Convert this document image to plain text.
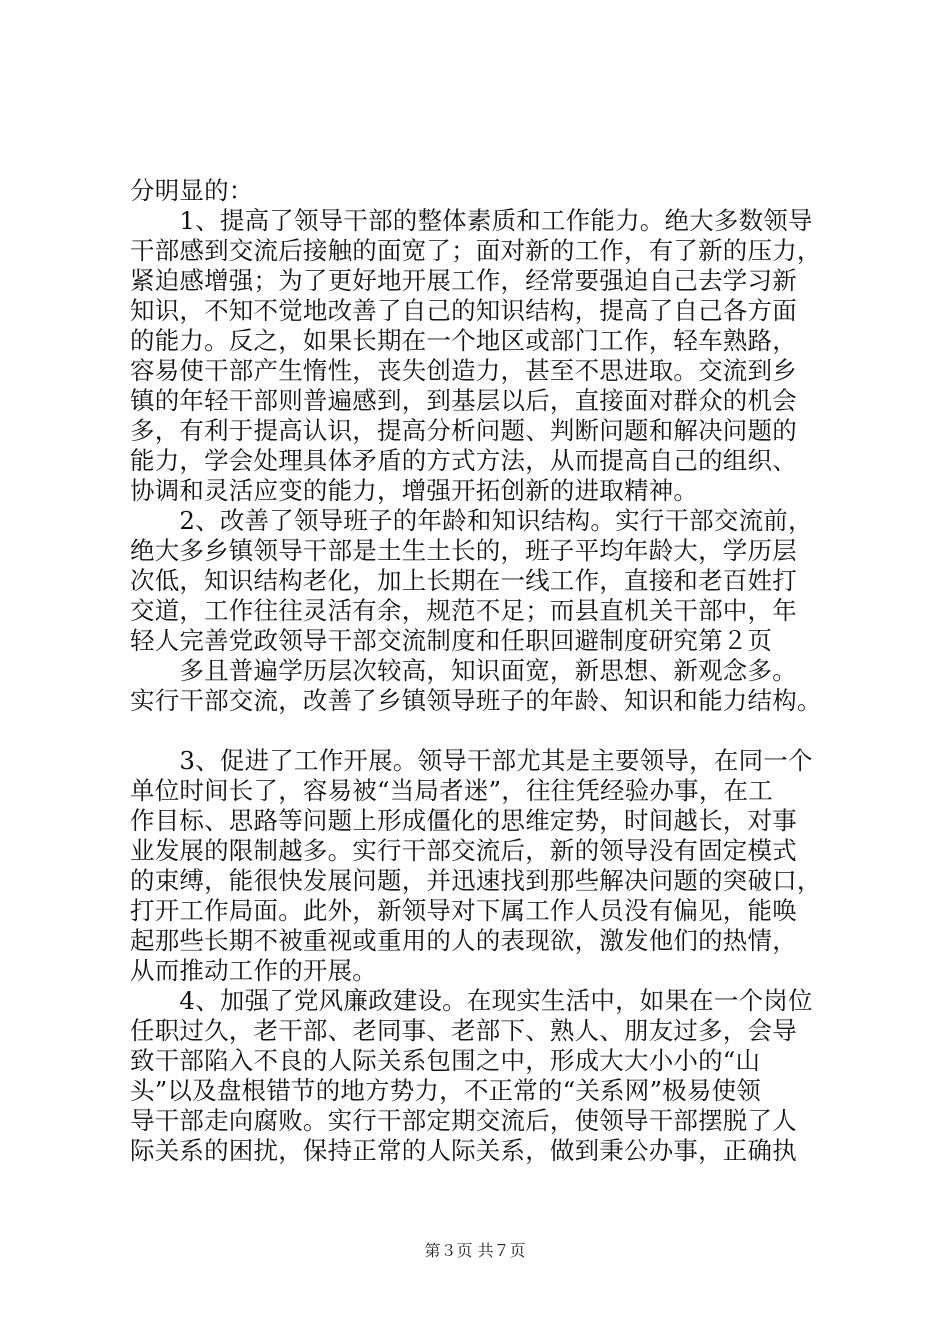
分明显的：
　　1、提高了领导干部的整体素质和工作能力。绝大多数领导
干部感到交流后接触的面宽了；面对新的工作，有了新的压力，
紧迫感增强；为了更好地开展工作，经常要强迫自己去学习新
知识，不知不觉地改善了自己的知识结构，提高了自己各方面
的能力。反之，如果长期在一个地区或部门工作，轻车熟路，
容易使干部产生惰性，丧失创造力，甚至不思进取。交流到乡
镇的年轻干部则普遍感到，到基层以后，直接面对群众的机会
多，有利于提高认识，提高分析问题、判断问题和解决问题的
能力，学会处理具体矛盾的方式方法，从而提高自己的组织、
协调和灵活应变的能力，增强开拓创新的进取精神。
　　2、改善了领导班子的年龄和知识结构。实行干部交流前，
绝大多乡镇领导干部是土生土长的，班子平均年龄大，学历层
次低，知识结构老化，加上长期在一线工作，直接和老百姓打
交道，工作往往灵活有余，规范不足；而县直机关干部中，年
轻人完善党政领导干部交流制度和任职回避制度研究第２页
　　多且普遍学历层次较高，知识面宽，新思想、新观念多。
实行干部交流，改善了乡镇领导班子的年龄、知识和能力结构。
　　3、促进了工作开展。领导干部尤其是主要领导，在同一个
单位时间长了，容易被“当局者迷”，往往凭经验办事，在工
作目标、思路等问题上形成僵化的思维定势，时间越长，对事
业发展的限制越多。实行干部交流后，新的领导没有固定模式
的束缚，能很快发展问题，并迅速找到那些解决问题的突破口，
打开工作局面。此外，新领导对下属工作人员没有偏见，能唤
起那些长期不被重视或重用的人的表现欲，激发他们的热情，
从而推动工作的开展。
　　4、加强了党风廉政建设。在现实生活中，如果在一个岗位
任职过久，老干部、老同事、老部下、熟人、朋友过多，会导
致干部陷入不良的人际关系包围之中，形成大大小小的“山
头”以及盘根错节的地方势力，不正常的“关系网”极易使领
导干部走向腐败。实行干部定期交流后，使领导干部摆脱了人
际关系的困扰，保持正常的人际关系，做到秉公办事，正确执
第３页 共７页
